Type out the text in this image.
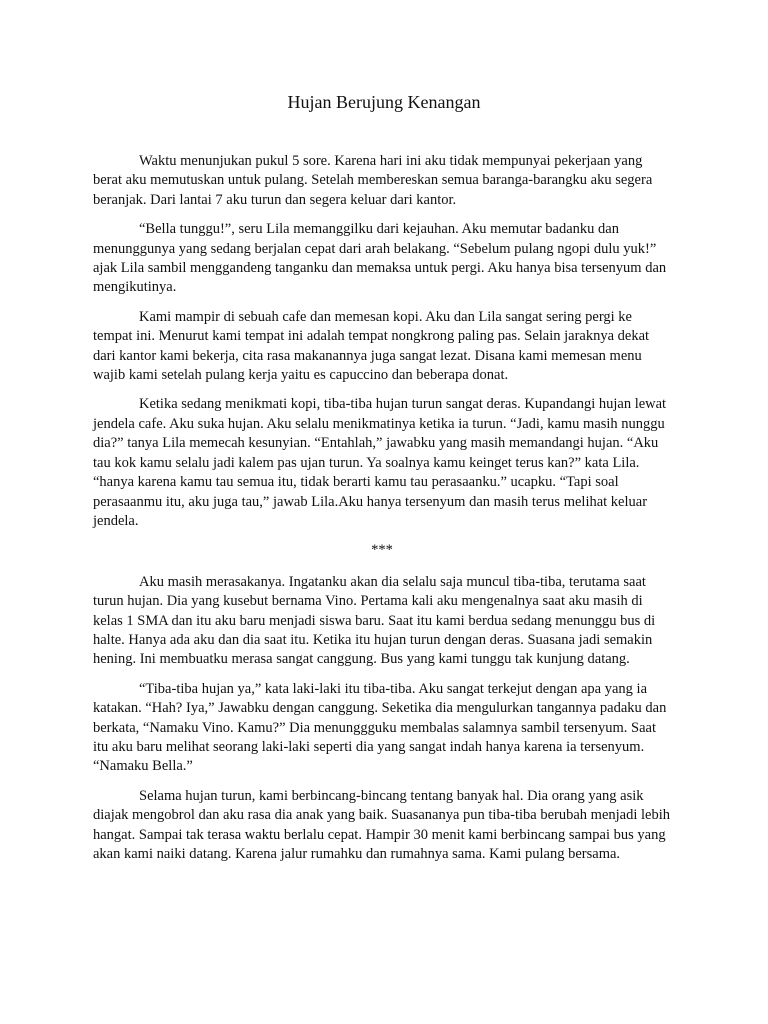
Hujan Berujung Kenangan

Waktu menunjukan pukul 5 sore. Karena hari ini aku tidak mempunyai pekerjaan yang berat aku memutuskan untuk pulang. Setelah membereskan semua baranga-barangku aku segera beranjak. Dari lantai 7 aku turun dan segera keluar dari kantor.

“Bella tunggu!”, seru Lila memanggilku dari kejauhan. Aku memutar badanku dan menunggunya yang sedang berjalan cepat dari arah belakang. “Sebelum pulang ngopi dulu yuk!” ajak Lila sambil menggandeng tanganku dan memaksa untuk pergi. Aku hanya bisa tersenyum dan mengikutinya.

Kami mampir di sebuah cafe dan memesan kopi. Aku dan Lila sangat sering pergi ke tempat ini. Menurut kami tempat ini adalah tempat nongkrong paling pas. Selain jaraknya dekat dari kantor kami bekerja, cita rasa makanannya juga sangat lezat. Disana kami memesan menu wajib kami setelah pulang kerja yaitu es capuccino dan beberapa donat.

Ketika sedang menikmati kopi, tiba-tiba hujan turun sangat deras. Kupandangi hujan lewat jendela cafe. Aku suka hujan. Aku selalu menikmatinya ketika ia turun. “Jadi, kamu masih nunggu dia?” tanya Lila memecah kesunyian. “Entahlah,” jawabku yang masih memandangi hujan. “Aku tau kok kamu selalu jadi kalem pas ujan turun. Ya soalnya kamu keinget terus kan?” kata Lila. “hanya karena kamu tau semua itu, tidak berarti kamu tau perasaanku.” ucapku. “Tapi soal perasaanmu itu, aku juga tau,” jawab Lila.Aku hanya tersenyum dan masih terus melihat keluar jendela.

***

Aku masih merasakanya. Ingatanku akan dia selalu saja muncul tiba-tiba, terutama saat turun hujan. Dia yang kusebut bernama Vino. Pertama kali aku mengenalnya saat aku masih di kelas 1 SMA dan itu aku baru menjadi siswa baru. Saat itu kami berdua sedang menunggu bus di halte. Hanya ada aku dan dia saat itu. Ketika itu hujan turun dengan deras. Suasana jadi semakin hening. Ini membuatku merasa sangat canggung. Bus yang kami tunggu tak kunjung datang.

“Tiba-tiba hujan ya,” kata laki-laki itu tiba-tiba. Aku sangat terkejut dengan apa yang ia katakan. “Hah? Iya,” Jawabku dengan canggung. Seketika dia mengulurkan tangannya padaku dan berkata, “Namaku Vino. Kamu?” Dia menunggguku membalas salamnya sambil tersenyum. Saat itu aku baru melihat seorang laki-laki seperti dia yang sangat indah hanya karena ia tersenyum. “Namaku Bella.”

Selama hujan turun, kami berbincang-bincang tentang banyak hal. Dia orang yang asik diajak mengobrol dan aku rasa dia anak yang baik. Suasananya pun tiba-tiba berubah menjadi lebih hangat. Sampai tak terasa waktu berlalu cepat. Hampir 30 menit kami berbincang sampai bus yang akan kami naiki datang. Karena jalur rumahku dan rumahnya sama. Kami pulang bersama.
